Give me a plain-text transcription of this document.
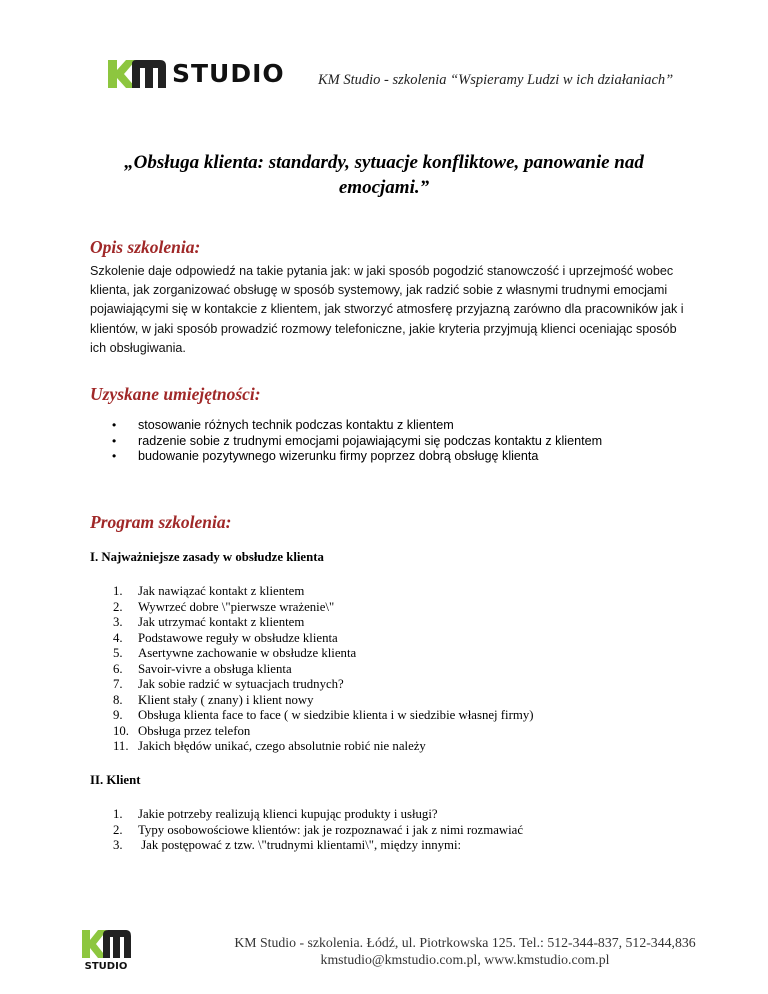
STUDIO KM Studio - szkolenia “Wspieramy Ludzi w ich działaniach”
„Obsługa klienta: standardy, sytuacje konfliktowe, panowanie nad emocjami.”
Opis szkolenia:
Szkolenie daje odpowiedź na takie pytania jak: w jaki sposób pogodzić stanowczość i uprzejmość wobec klienta, jak zorganizować obsługę w sposób systemowy, jak radzić sobie z własnymi trudnymi emocjami pojawiającymi się w kontakcie z klientem, jak stworzyć atmosferę przyjazną zarówno dla pracowników jak i klientów, w jaki sposób prowadzić rozmowy telefoniczne, jakie kryteria przyjmują klienci oceniając sposób ich obsługiwania.
Uzyskane umiejętności:
• stosowanie różnych technik podczas kontaktu z klientem
• radzenie sobie z trudnymi emocjami pojawiającymi się podczas kontaktu z klientem
• budowanie pozytywnego wizerunku firmy poprzez dobrą obsługę klienta
Program szkolenia:
I. Najważniejsze zasady w obsłudze klienta
1.	Jak nawiązać kontakt z klientem
2.	Wywrzeć dobre \"pierwsze wrażenie\"
3.	Jak utrzymać kontakt z klientem
4.	Podstawowe reguły w obsłudze klienta
5.	Asertywne zachowanie w obsłudze klienta
6.	Savoir-vivre a obsługa klienta
7.	Jak sobie radzić w sytuacjach trudnych?
8.	Klient stały ( znany) i klient nowy
9.	Obsługa klienta face to face ( w siedzibie klienta i w siedzibie własnej firmy)
10. Obsługa przez telefon
11. Jakich błędów unikać, czego absolutnie robić nie należy
II. Klient
1.	Jakie potrzeby realizują klienci kupując produkty i usługi?
2.	Typy osobowościowe klientów: jak je rozpoznawać i jak z nimi rozmawiać
3.	Jak postępować z tzw. \"trudnymi klientami\", między innymi:
STUDIO
KM Studio - szkolenia. Łódź, ul. Piotrkowska 125. Tel.: 512-344-837, 512-344,836
kmstudio@kmstudio.com.pl, www.kmstudio.com.pl
